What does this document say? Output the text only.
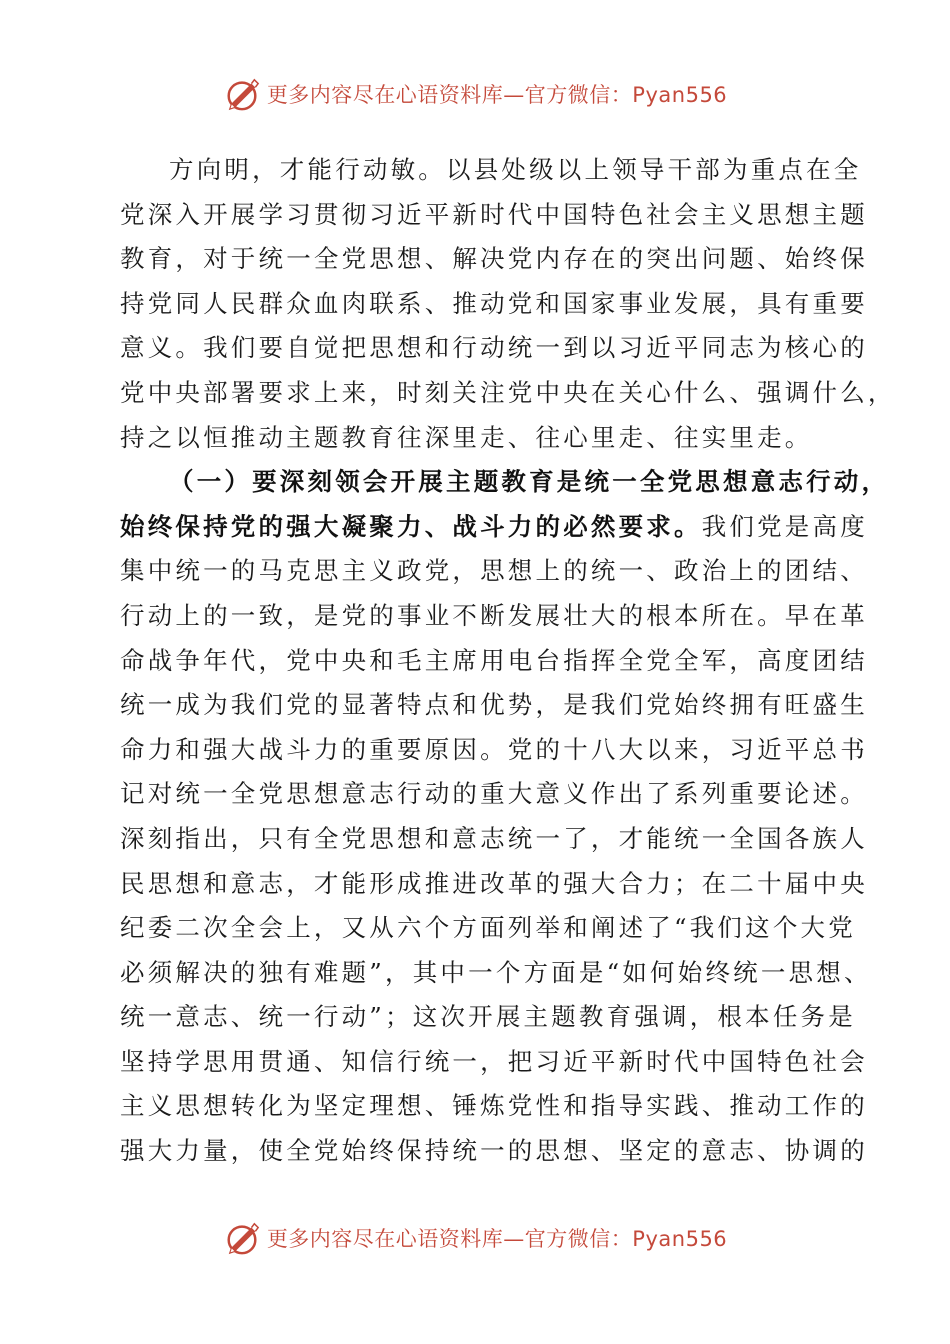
更多内容尽在心语资料库—官方微信：Pyan556
方向明，才能行动敏。以县处级以上领导干部为重点在全
党深入开展学习贯彻习近平新时代中国特色社会主义思想主题
教育，对于统一全党思想、解决党内存在的突出问题、始终保
持党同人民群众血肉联系、推动党和国家事业发展，具有重要
意义。我们要自觉把思想和行动统一到以习近平同志为核心的
党中央部署要求上来，时刻关注党中央在关心什么、强调什么，
持之以恒推动主题教育往深里走、往心里走、往实里走。
（一）要深刻领会开展主题教育是统一全党思想意志行动，
始终保持党的强大凝聚力、战斗力的必然要求。我们党是高度
集中统一的马克思主义政党，思想上的统一、政治上的团结、
行动上的一致，是党的事业不断发展壮大的根本所在。早在革
命战争年代，党中央和毛主席用电台指挥全党全军，高度团结
统一成为我们党的显著特点和优势，是我们党始终拥有旺盛生
命力和强大战斗力的重要原因。党的十八大以来，习近平总书
记对统一全党思想意志行动的重大意义作出了系列重要论述。
深刻指出，只有全党思想和意志统一了，才能统一全国各族人
民思想和意志，才能形成推进改革的强大合力；在二十届中央
纪委二次全会上，又从六个方面列举和阐述了“我们这个大党
必须解决的独有难题”，其中一个方面是“如何始终统一思想、
统一意志、统一行动”；这次开展主题教育强调，根本任务是
坚持学思用贯通、知信行统一，把习近平新时代中国特色社会
主义思想转化为坚定理想、锤炼党性和指导实践、推动工作的
强大力量，使全党始终保持统一的思想、坚定的意志、协调的
更多内容尽在心语资料库—官方微信：Pyan556
